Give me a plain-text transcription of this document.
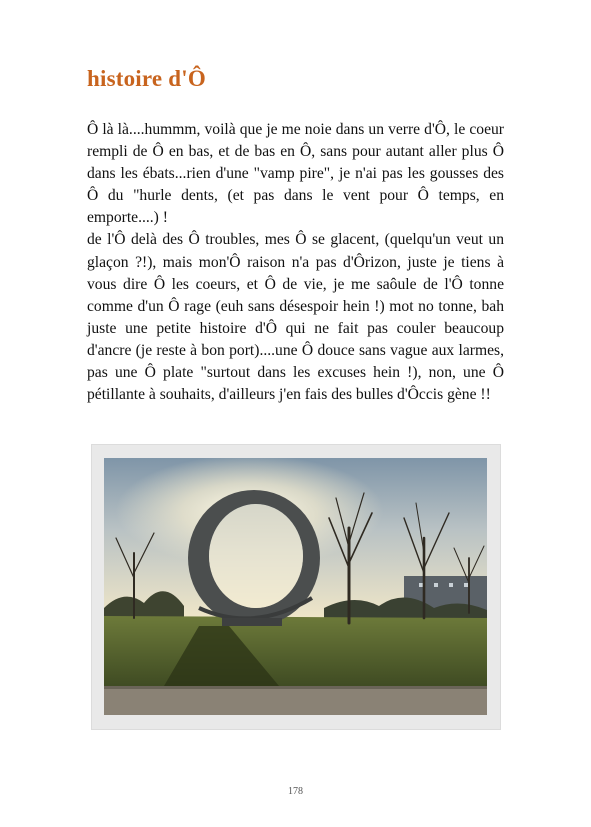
histoire d'Ô

Ô là là....hummm, voilà que je me noie dans un verre d'Ô, le coeur rempli de Ô en bas, et de bas en Ô, sans pour autant aller plus Ô dans les ébats...rien d'une "vamp pire", je n'ai pas les gousses des Ô du "hurle dents, (et pas dans le vent pour Ô temps, en emporte....) !

de l'Ô delà des Ô troubles, mes Ô se glacent, (quelqu'un veut un glaçon ?!), mais mon'Ô raison n'a pas d'Ôrizon, juste je tiens à vous dire Ô les coeurs, et Ô de vie, je me saôule de l'Ô tonne comme d'un Ô rage (euh sans désespoir hein !) mot no tonne, bah juste une petite histoire d'Ô qui ne fait pas couler beaucoup d'ancre (je reste à bon port)....une Ô douce sans vague aux larmes, pas une Ô plate "surtout dans les excuses hein !), non, une Ô pétillante à souhaits, d'ailleurs j'en fais des bulles d'Ôccis gène !!

178
